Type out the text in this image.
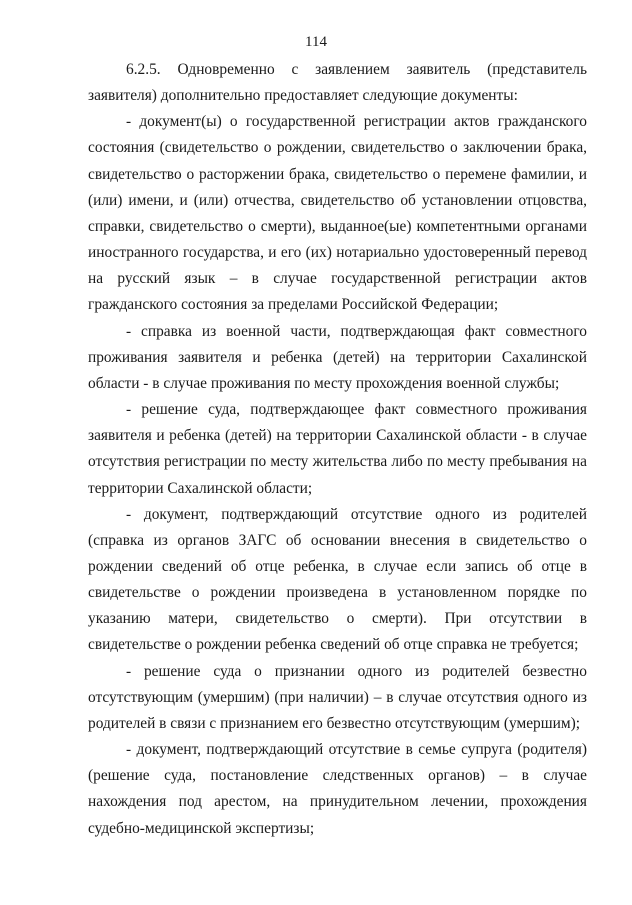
114

6.2.5. Одновременно с заявлением заявитель (представитель заявителя) дополнительно предоставляет следующие документы:

- документ(ы) о государственной регистрации актов гражданского состояния (свидетельство о рождении, свидетельство о заключении брака, свидетельство о расторжении брака, свидетельство о перемене фамилии, и (или) имени, и (или) отчества, свидетельство об установлении отцовства, справки, свидетельство о смерти), выданное(ые) компетентными органами иностранного государства, и его (их) нотариально удостоверенный перевод на русский язык – в случае государственной регистрации актов гражданского состояния за пределами Российской Федерации;

- справка из военной части, подтверждающая факт совместного проживания заявителя и ребенка (детей) на территории Сахалинской области - в случае проживания по месту прохождения военной службы;

- решение суда, подтверждающее факт совместного проживания заявителя и ребенка (детей) на территории Сахалинской области - в случае отсутствия регистрации по месту жительства либо по месту пребывания на территории Сахалинской области;

- документ, подтверждающий отсутствие одного из родителей (справка из органов ЗАГС об основании внесения в свидетельство о рождении сведений об отце ребенка, в случае если запись об отце в свидетельстве о рождении произведена в установленном порядке по указанию матери, свидетельство о смерти). При отсутствии в свидетельстве о рождении ребенка сведений об отце справка не требуется;

- решение суда о признании одного из родителей безвестно отсутствующим (умершим) (при наличии) – в случае отсутствия одного из родителей в связи с признанием его безвестно отсутствующим (умершим);

- документ, подтверждающий отсутствие в семье супруга (родителя) (решение суда, постановление следственных органов) – в случае нахождения под арестом, на принудительном лечении, прохождения судебно-медицинской экспертизы;
